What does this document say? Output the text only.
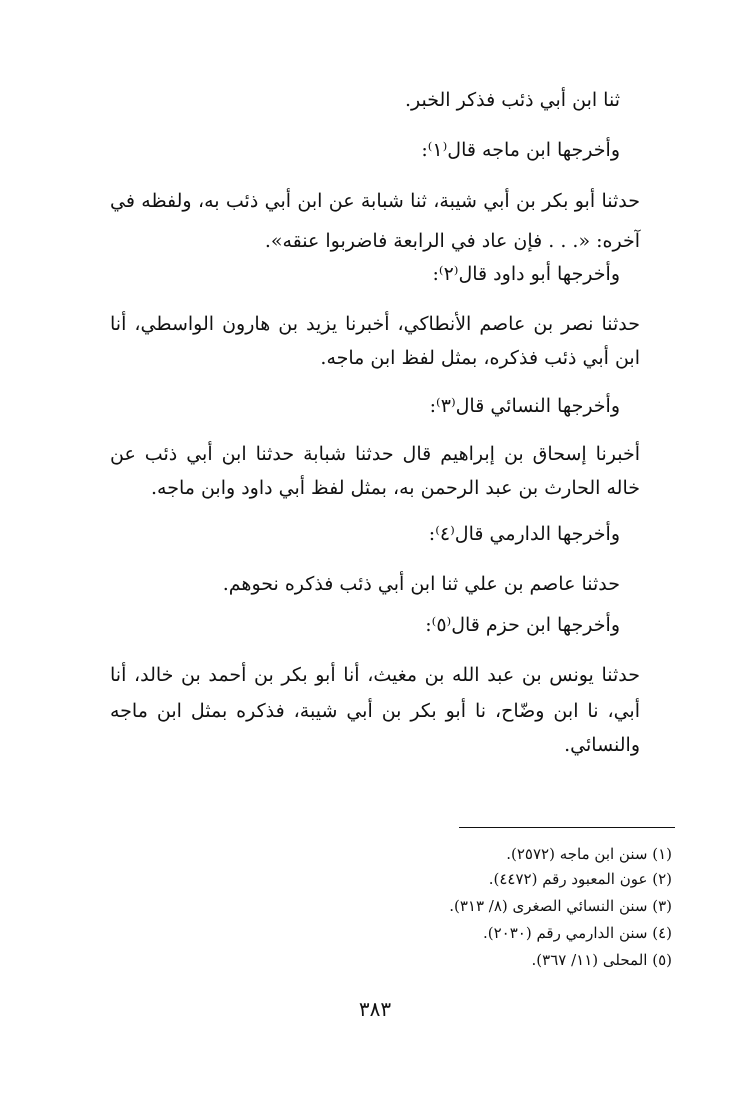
ثنا ابن أبي ذئب فذكر الخبر.
وأخرجها ابن ماجه قال⁽١⁾:
حدثنا أبو بكر بن أبي شيبة، ثنا شبابة عن ابن أبي ذئب به، ولفظه في
آخره: «. . . فإن عاد في الرابعة فاضربوا عنقه».
وأخرجها أبو داود قال⁽٢⁾:
حدثنا نصر بن عاصم الأنطاكي، أخبرنا يزيد بن هارون الواسطي، أنا
ابن أبي ذئب فذكره، بمثل لفظ ابن ماجه.
وأخرجها النسائي قال⁽٣⁾:
أخبرنا إسحاق بن إبراهيم قال حدثنا شبابة حدثنا ابن أبي ذئب عن
خاله الحارث بن عبد الرحمن به، بمثل لفظ أبي داود وابن ماجه.
وأخرجها الدارمي قال⁽٤⁾:
حدثنا عاصم بن علي ثنا ابن أبي ذئب فذكره نحوهم.
وأخرجها ابن حزم قال⁽٥⁾:
حدثنا يونس بن عبد الله بن مغيث، أنا أبو بكر بن أحمد بن خالد، أنا
أبي، نا ابن وضّاح، نا أبو بكر بن أبي شيبة، فذكره بمثل ابن ماجه
والنسائي.
(١) سنن ابن ماجه (٢٥٧٢).
(٢) عون المعبود رقم (٤٤٧٢).
(٣) سنن النسائي الصغرى (٨/ ٣١٣).
(٤) سنن الدارمي رقم (٢٠٣٠).
(٥) المحلى (١١/ ٣٦٧).
٣٨٣
